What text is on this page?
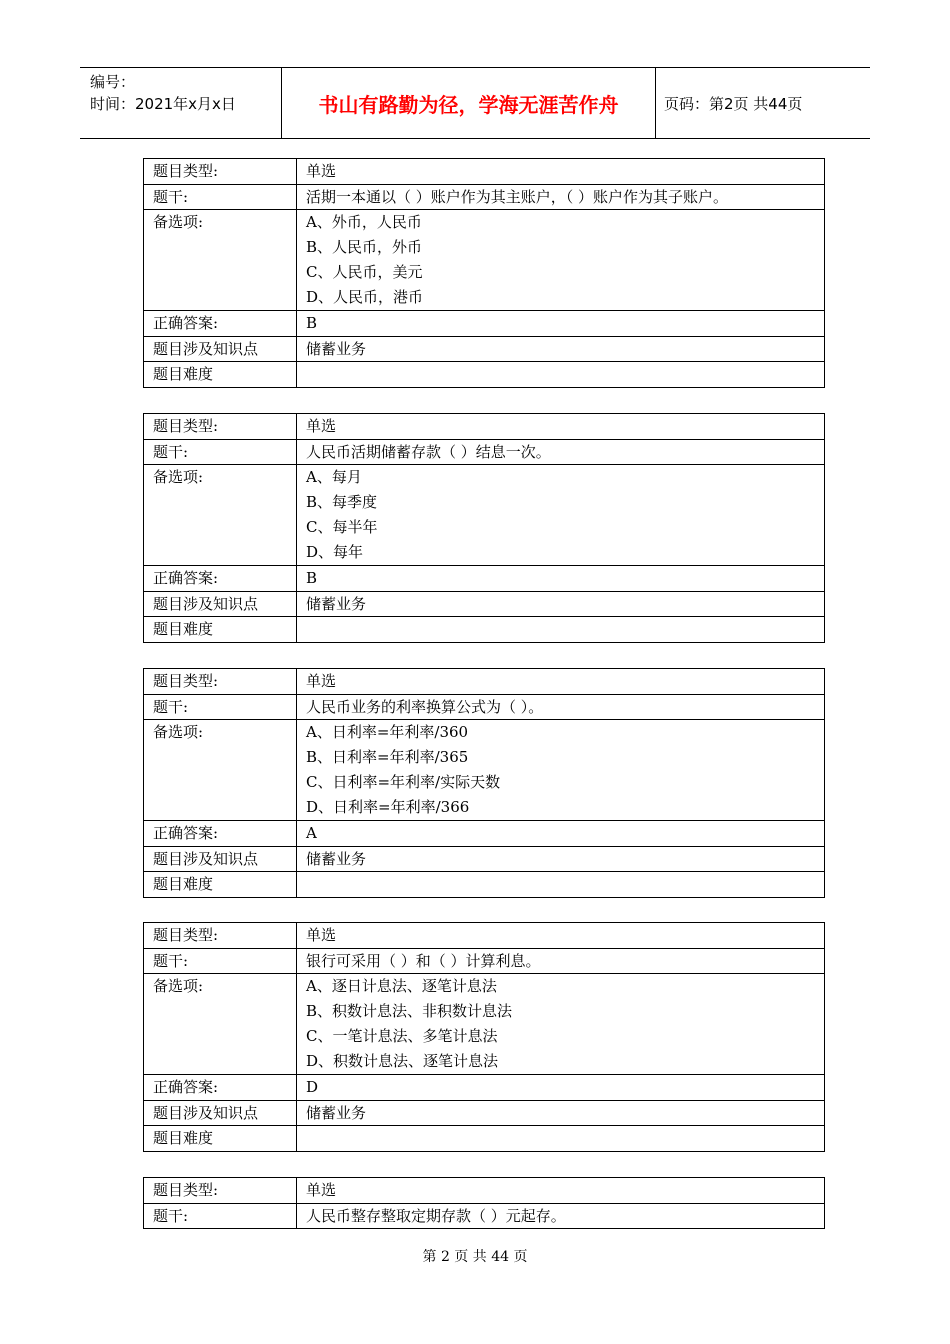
编号：
时间：2021年x月x日	书山有路勤为径，学海无涯苦作舟	页码：第2页 共44页
题目类型:	单选
题干:	活期一本通以（ ）账户作为其主账户，（ ）账户作为其子账户。
备选项:	A、外币，人民币
B、人民币，外币
C、人民币，美元
D、人民币，港币

正确答案:	B
题目涉及知识点	储蓄业务
题目难度	
题目类型:	单选
题干:	人民币活期储蓄存款（ ）结息一次。
备选项:	A、每月
B、每季度
C、每半年
D、每年

正确答案:	B
题目涉及知识点	储蓄业务
题目难度	
题目类型:	单选
题干:	人民币业务的利率换算公式为（ ）。
备选项:	A、日利率=年利率/360
B、日利率=年利率/365
C、日利率=年利率/实际天数
D、日利率=年利率/366

正确答案:	A
题目涉及知识点	储蓄业务
题目难度	
题目类型:	单选
题干:	银行可采用（ ）和（ ）计算利息。
备选项:	A、逐日计息法、逐笔计息法
B、积数计息法、非积数计息法
C、一笔计息法、多笔计息法
D、积数计息法、逐笔计息法

正确答案:	D
题目涉及知识点	储蓄业务
题目难度	
题目类型:	单选
题干:	人民币整存整取定期存款（ ）元起存。
第 2 页 共 44 页
